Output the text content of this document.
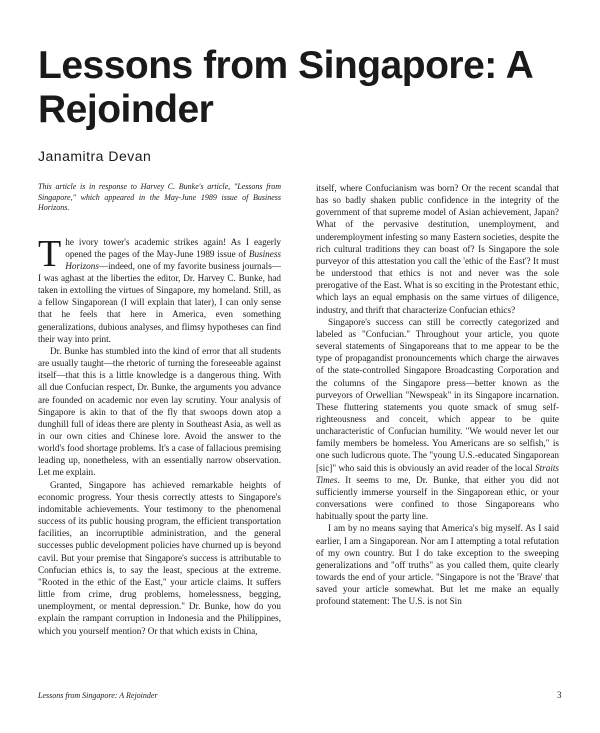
Lessons from Singapore: A Rejoinder
Janamitra Devan

This article is in response to Harvey C. Bunke's article, "Lessons from Singapore," which appeared in the May-June 1989 issue of Business Horizons.

The ivory tower's academic strikes again! As I eagerly opened the pages of the May-June 1989 issue of Business Horizons—indeed, one of my favorite business journals—I was aghast at the liberties the editor, Dr. Harvey C. Bunke, had taken in extolling the virtues of Singapore, my homeland. Still, as a fellow Singaporean (I will explain that later), I can only sense that he feels that here in America, even something generalizations, dubious analyses, and flimsy hypotheses can find their way into print.

Dr. Bunke has stumbled into the kind of error that all students are usually taught—the rhetoric of turning the foreseeable against itself—that this is a little knowledge is a dangerous thing. With all due Confucian respect, Dr. Bunke, the arguments you advance are founded on academic nor even lay scrutiny. Your analysis of Singapore is akin to that of the fly that swoops down atop a dunghill full of ideas there are plenty in Southeast Asia, as well as in our own cities and Chinese lore. Avoid the answer to the world's food shortage problems. It's a case of fallacious premising leading up, nonetheless, with an essentially narrow observation. Let me explain.

Granted, Singapore has achieved remarkable heights of economic progress. Your thesis correctly attests to Singapore's indomitable achievements. Your testimony to the phenomenal success of its public housing program, the efficient transportation facilities, an incorruptible administration, and the general successes public development policies have churned up is beyond cavil. But your premise that Singapore's success is attributable to Confucian ethics is, to say the least, specious at the extreme. "Rooted in the ethic of the East," your article claims. It suffers little from crime, drug problems, homelessness, begging, unemployment, or mental depression." Dr. Bunke, how do you explain the rampant corruption in Indonesia and the Philippines, which you yourself mention? Or that which exists in China,

itself, where Confucianism was born? Or the recent scandal that has so badly shaken public confidence in the integrity of the government of that supreme model of Asian achievement, Japan? What of the pervasive destitution, unemployment, and underemployment infesting so many Eastern societies, despite the rich cultural traditions they can boast of? Is Singapore the sole purveyor of this attestation you call the 'ethic of the East'? It must be understood that ethics is not and never was the sole prerogative of the East. What is so exciting in the Protestant ethic, which lays an equal emphasis on the same virtues of diligence, industry, and thrift that characterize Confucian ethics?

Singapore's success can still be correctly categorized and labeled as "Confucian." Throughout your article, you quote several statements of Singaporeans that to me appear to be the type of propagandist pronouncements which charge the airwaves of the state-controlled Singapore Broadcasting Corporation and the columns of the Singapore press—better known as the purveyors of Orwellian "Newspeak" in its Singapore incarnation. These fluttering statements you quote smack of smug self-righteousness and conceit, which appear to be quite uncharacteristic of Confucian humility. "We would never let our family members be homeless. You Americans are so selfish," is one such ludicrous quote. The "young U.S.-educated Singaporean [sic]" who said this is obviously an avid reader of the local Straits Times. It seems to me, Dr. Bunke, that either you did not sufficiently immerse yourself in the Singaporean ethic, or your conversations were confined to those Singaporeans who habitually spout the party line.

I am by no means saying that America's big myself. As I said earlier, I am a Singaporean. Nor am I attempting a total refutation of my own country. But I do take exception to the sweeping generalizations and "off truths" as you called them, quite clearly towards the end of your article. "Singapore is not the 'Brave' that saved your article somewhat. But let me make an equally profound statement: The U.S. is not Sin

Lessons from Singapore: A Rejoinder	3
